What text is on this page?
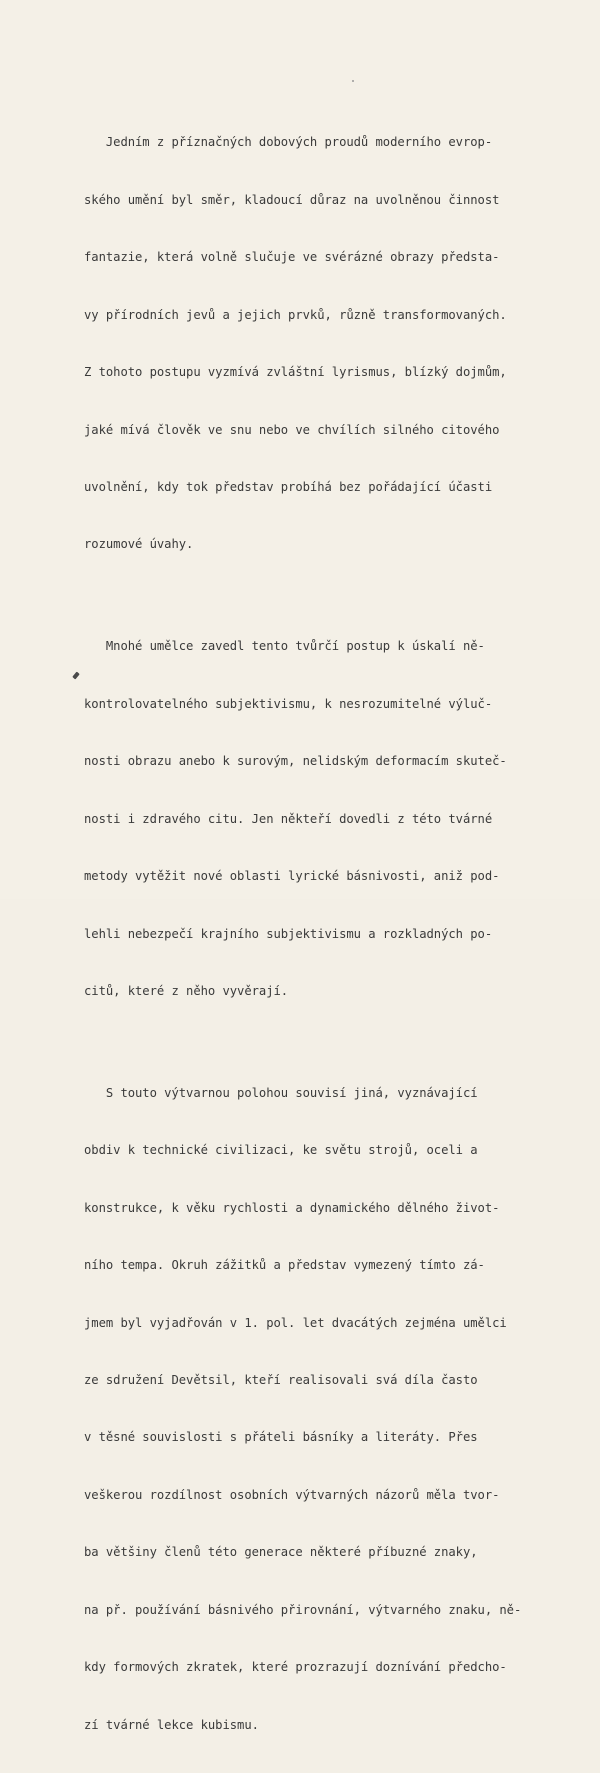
Jedním z příznačných dobových proudů moderního evrop-

ského umění byl směr, kladoucí důraz na uvolněnou činnost

fantazie, která volně slučuje ve svérázné obrazy předsta-

vy přírodních jevů a jejich prvků, různě transformovaných.

Z tohoto postupu vyzmívá zvláštní lyrismus, blízký dojmům,

jaké mívá člověk ve snu nebo ve chvílích silného citového

uvolnění, kdy tok představ probíhá bez pořádající účasti

rozumové úvahy.

Mnohé umělce zavedl tento tvůrčí postup k úskalí ně-

kontrolovatelného subjektivismu, k nesrozumitelné výluč-

nosti obrazu anebo k surovým, nelidským deformacím skuteč-

nosti i zdravého citu. Jen někteří dovedli z této tvárné

metody vytěžit nové oblasti lyrické básnivosti, aniž pod-

lehli nebezpečí krajního subjektivismu a rozkladných po-

citů, které z něho vyvěrají.

S touto výtvarnou polohou souvisí jiná, vyznávající

obdiv k technické civilizaci, ke světu strojů, oceli a

konstrukce, k věku rychlosti a dynamického dělného život-

ního tempa. Okruh zážitků a představ vymezený tímto zá-

jmem byl vyjadřován v 1. pol. let dvacátých zejména umělci

ze sdružení Devětsil, kteří realisovali svá díla často

v těsné souvislosti s přáteli básníky a literáty. Přes

veškerou rozdílnost osobních výtvarných názorů měla tvor-

ba většiny členů této generace některé příbuzné znaky,

na př. používání básnivého přirovnání, výtvarného znaku, ně-

kdy formových zkratek, které prozrazují doznívání předcho-

zí tvárné lekce kubismu.
